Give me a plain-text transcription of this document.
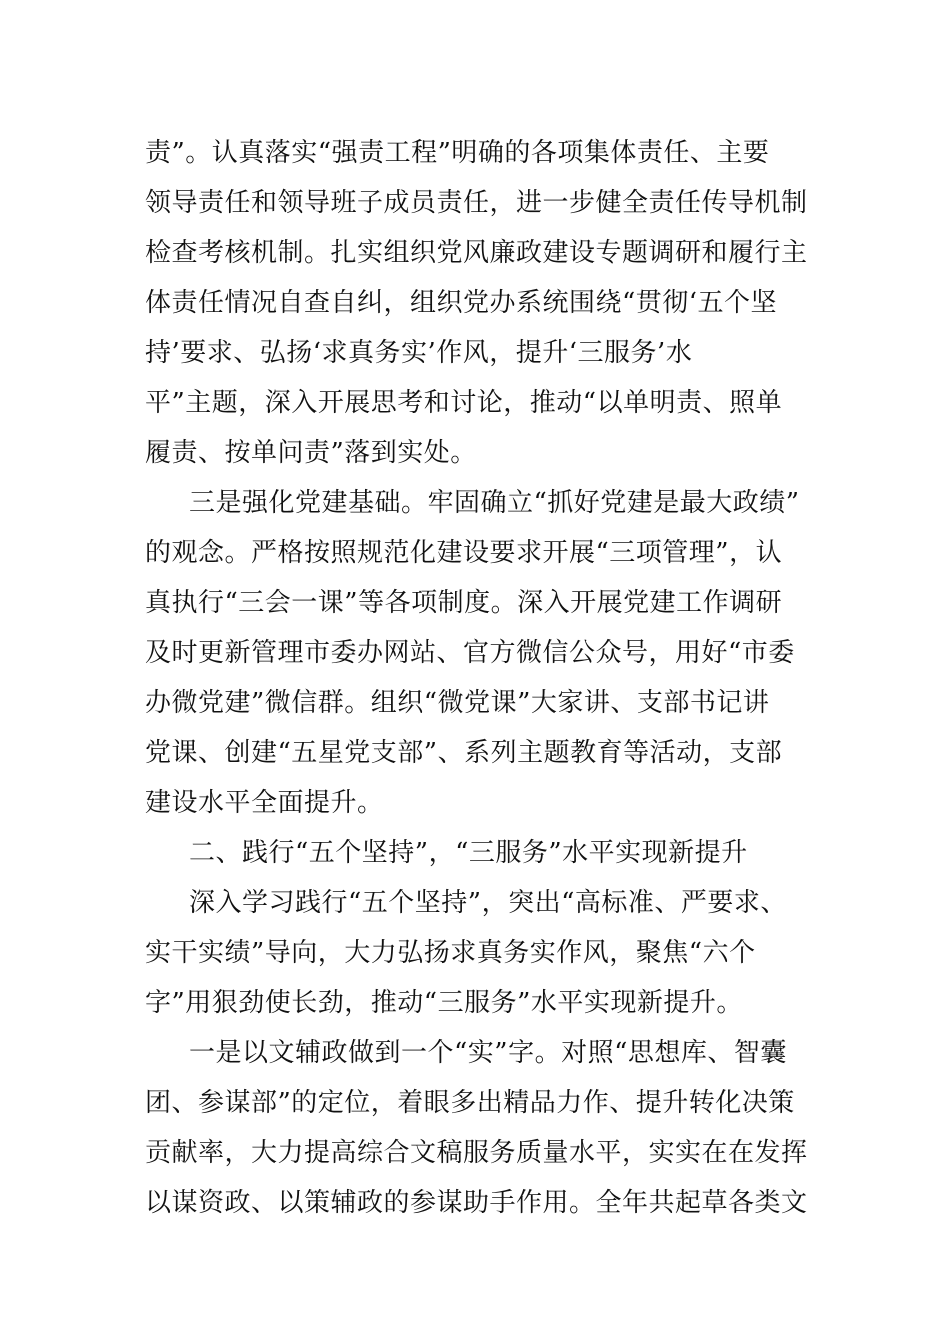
责”。认真落实“强责工程”明确的各项集体责任、主要
领导责任和领导班子成员责任，进一步健全责任传导机制
检查考核机制。扎实组织党风廉政建设专题调研和履行主
体责任情况自查自纠，组织党办系统围绕“贯彻‘五个坚
持’要求、弘扬‘求真务实’作风，提升‘三服务’水
平”主题，深入开展思考和讨论，推动“以单明责、照单
履责、按单问责”落到实处。
三是强化党建基础。牢固确立“抓好党建是最大政绩”
的观念。严格按照规范化建设要求开展“三项管理”，认
真执行“三会一课”等各项制度。深入开展党建工作调研
及时更新管理市委办网站、官方微信公众号，用好“市委
办微党建”微信群。组织“微党课”大家讲、支部书记讲
党课、创建“五星党支部”、系列主题教育等活动，支部
建设水平全面提升。
二、践行“五个坚持”，“三服务”水平实现新提升
深入学习践行“五个坚持”，突出“高标准、严要求、
实干实绩”导向，大力弘扬求真务实作风，聚焦“六个
字”用狠劲使长劲，推动“三服务”水平实现新提升。
一是以文辅政做到一个“实”字。对照“思想库、智囊
团、参谋部”的定位，着眼多出精品力作、提升转化决策
贡献率，大力提高综合文稿服务质量水平，实实在在发挥
以谋资政、以策辅政的参谋助手作用。全年共起草各类文
